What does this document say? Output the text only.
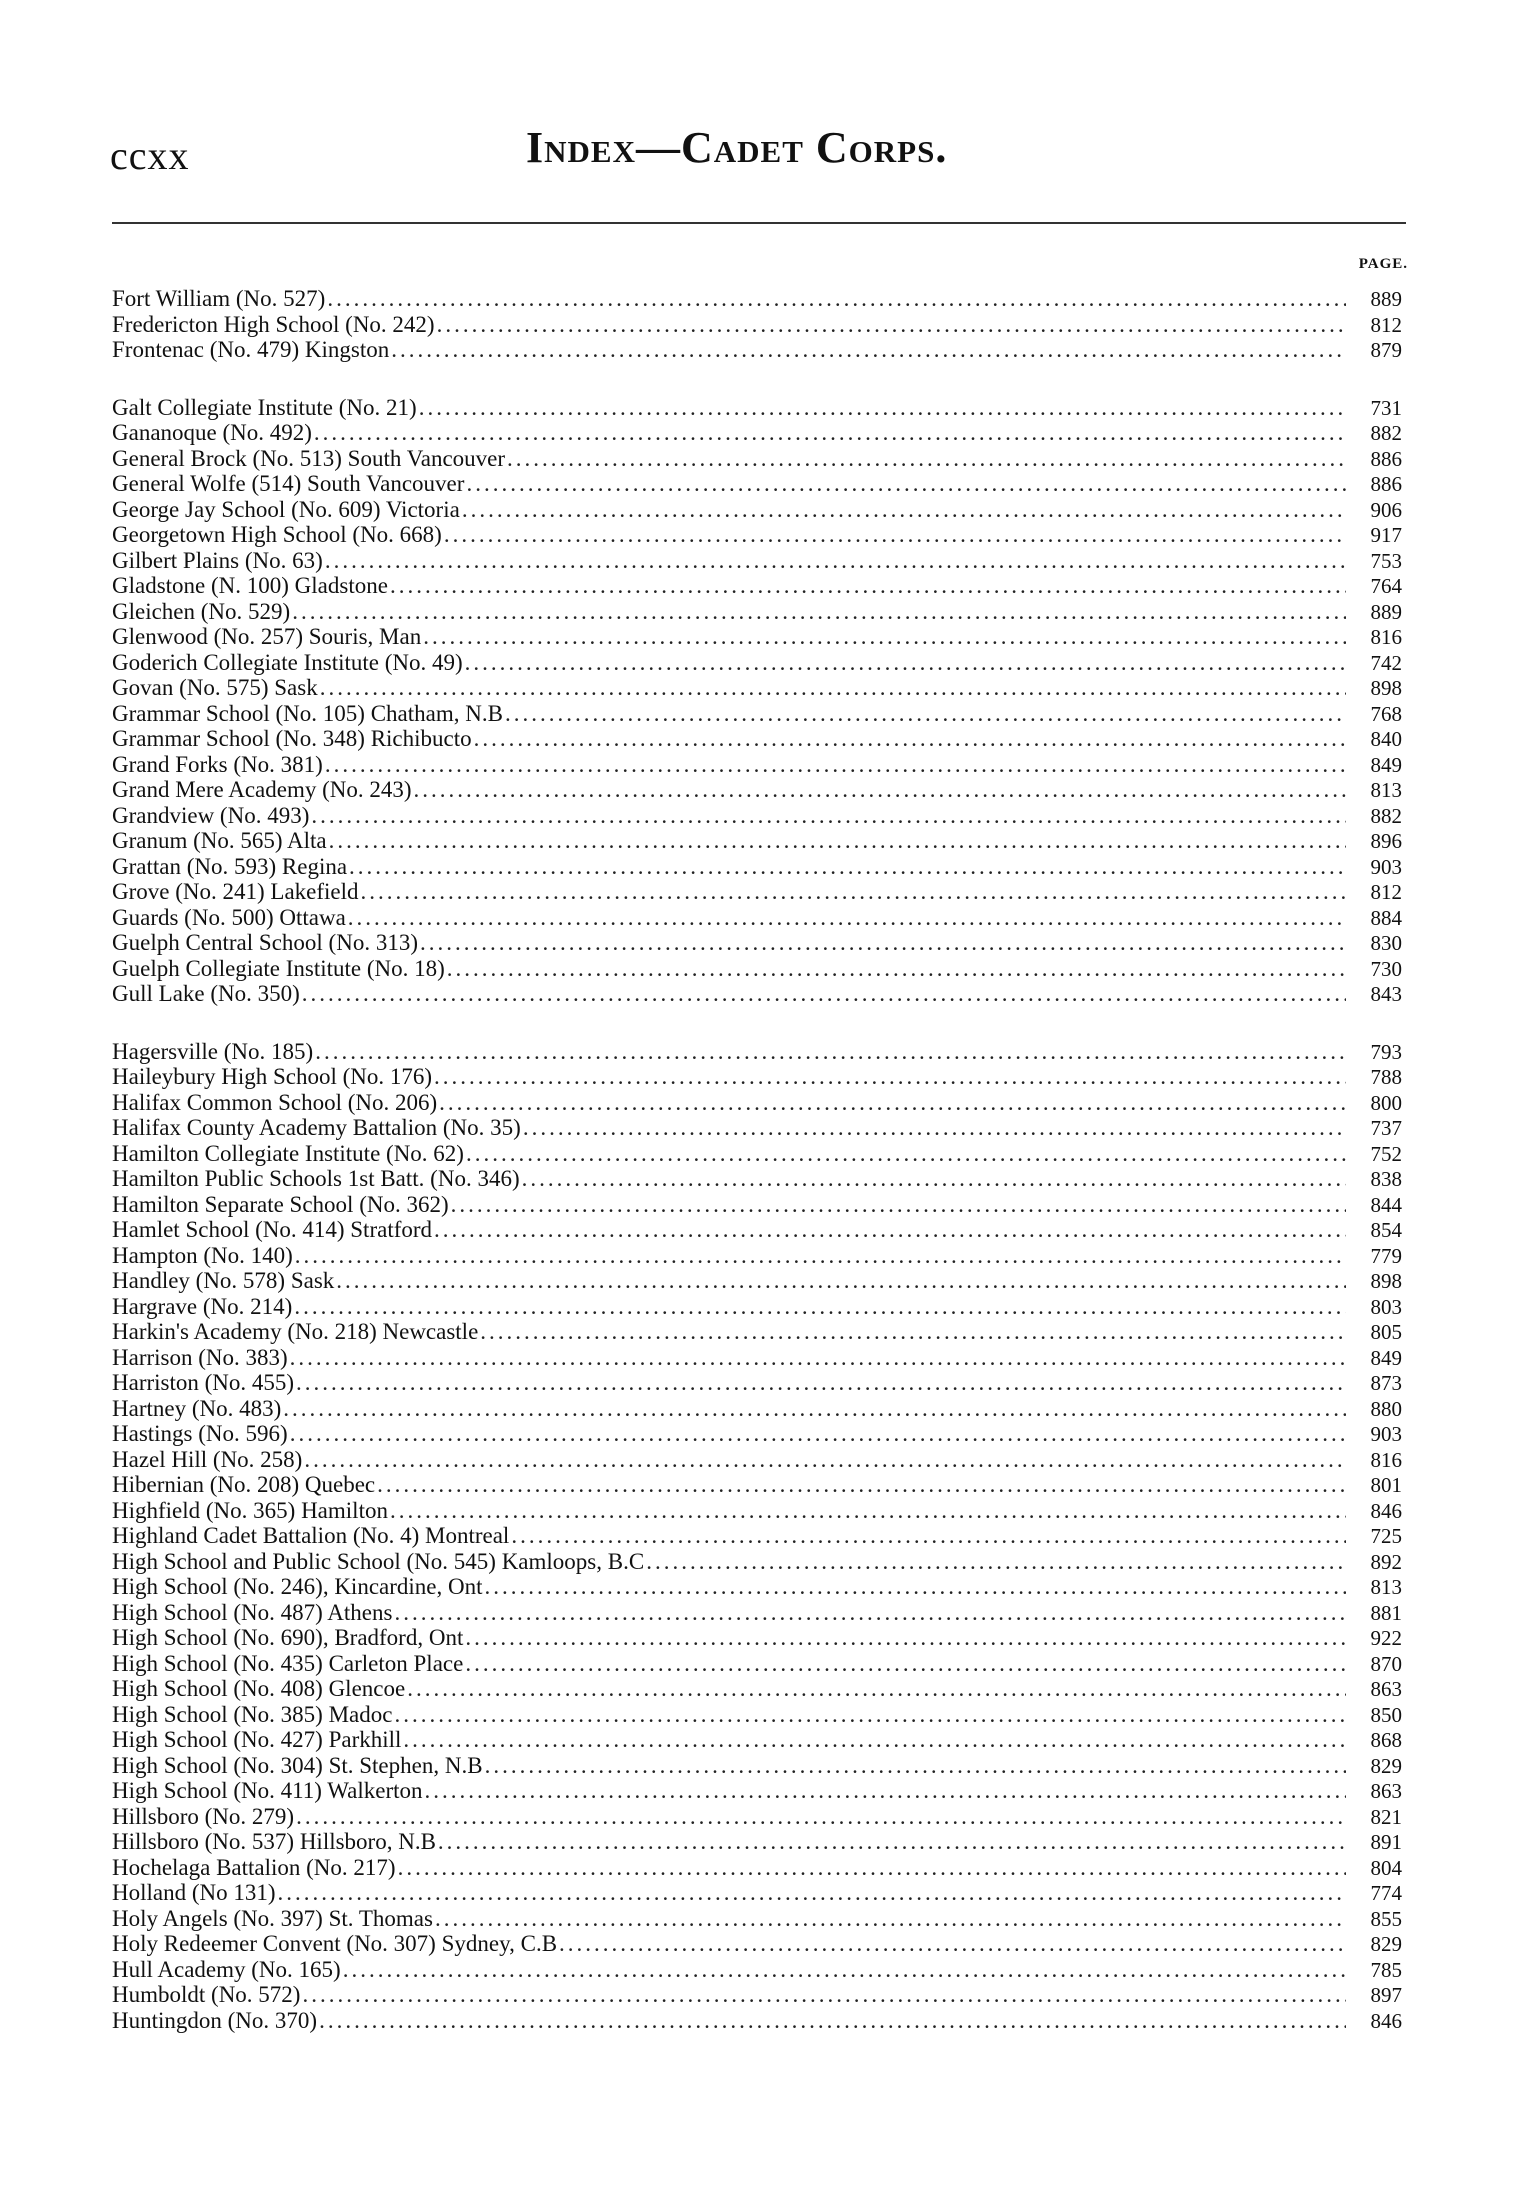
ccxx	Index—Cadet Corps.
PAGE.
Fort William (No. 527) .....	889
Fredericton High School (No. 242) .....	812
Frontenac (No. 479) Kingston .....	879
Galt Collegiate Institute (No. 21) .....	731
Gananoque (No. 492) .....	882
General Brock (No. 513) South Vancouver .....	886
General Wolfe (514) South Vancouver .....	886
George Jay School (No. 609) Victoria .....	906
Georgetown High School (No. 668) .....	917
Gilbert Plains (No. 63) .....	753
Gladstone (N. 100) Gladstone .....	764
Gleichen (No. 529) .....	889
Glenwood (No. 257) Souris, Man .....	816
Goderich Collegiate Institute (No. 49) .....	742
Govan (No. 575) Sask .....	898
Grammar School (No. 105) Chatham, N.B .....	768
Grammar School (No. 348) Richibucto .....	840
Grand Forks (No. 381) .....	849
Grand Mere Academy (No. 243) .....	813
Grandview (No. 493) .....	882
Granum (No. 565) Alta .....	896
Grattan (No. 593) Regina .....	903
Grove (No. 241) Lakefield .....	812
Guards (No. 500) Ottawa .....	884
Guelph Central School (No. 313) .....	830
Guelph Collegiate Institute (No. 18) .....	730
Gull Lake (No. 350) .....	843
Hagersville (No. 185) .....	793
Haileybury High School (No. 176) .....	788
Halifax Common School (No. 206) .....	800
Halifax County Academy Battalion (No. 35) .....	737
Hamilton Collegiate Institute (No. 62) .....	752
Hamilton Public Schools 1st Batt. (No. 346) .....	838
Hamilton Separate School (No. 362) .....	844
Hamlet School (No. 414) Stratford .....	854
Hampton (No. 140) .....	779
Handley (No. 578) Sask .....	898
Hargrave (No. 214) .....	803
Harkin's Academy (No. 218) Newcastle .....	805
Harrison (No. 383) .....	849
Harriston (No. 455) .....	873
Hartney (No. 483) .....	880
Hastings (No. 596) .....	903
Hazel Hill (No. 258) .....	816
Hibernian (No. 208) Quebec .....	801
Highfield (No. 365) Hamilton .....	846
Highland Cadet Battalion (No. 4) Montreal .....	725
High School and Public School (No. 545) Kamloops, B.C .....	892
High School (No. 246), Kincardine, Ont .....	813
High School (No. 487) Athens .....	881
High School (No. 690), Bradford, Ont .....	922
High School (No. 435) Carleton Place .....	870
High School (No. 408) Glencoe .....	863
High School (No. 385) Madoc .....	850
High School (No. 427) Parkhill .....	868
High School (No. 304) St. Stephen, N.B .....	829
High School (No. 411) Walkerton .....	863
Hillsboro (No. 279) .....	821
Hillsboro (No. 537) Hillsboro, N.B .....	891
Hochelaga Battalion (No. 217) .....	804
Holland (No 131) .....	774
Holy Angels (No. 397) St. Thomas .....	855
Holy Redeemer Convent (No. 307) Sydney, C.B .....	829
Hull Academy (No. 165) .....	785
Humboldt (No. 572) .....	897
Huntingdon (No. 370) .....	846
